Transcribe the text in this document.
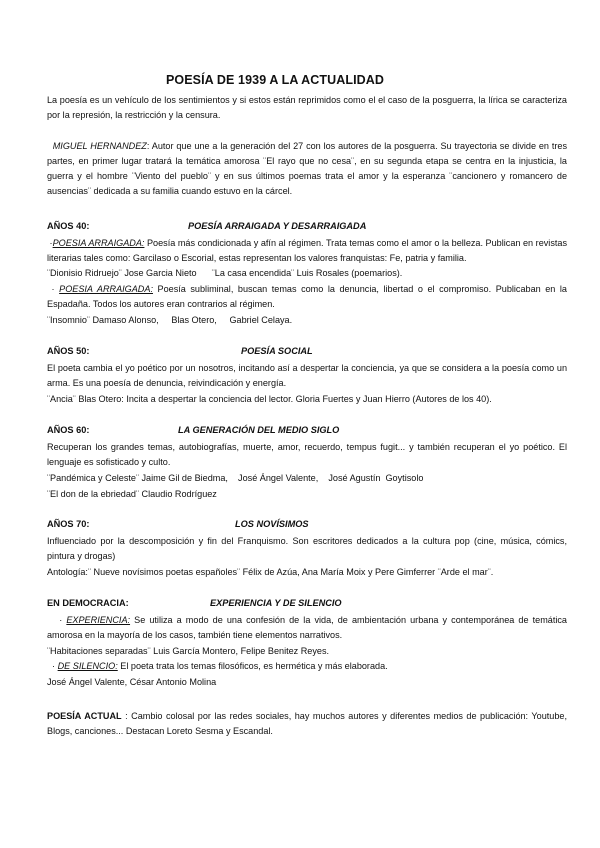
POESÍA DE 1939 A LA ACTUALIDAD
La poesía es un vehículo de los sentimientos y si estos están reprimidos como el el caso de la posguerra, la lírica se caracteriza por la represión, la restricción y la censura.
MIGUEL HERNANDEZ: Autor que une a la generación del 27 con los autores de la posguerra. Su trayectoria se divide en tres partes, en primer lugar tratará la temática amorosa ¨El rayo que no cesa¨, en su segunda etapa se centra en la injusticia, la guerra y el hombre ¨Viento del pueblo¨ y en sus últimos poemas trata el amor y la esperanza ¨cancionero y romancero de ausencias¨ dedicada a su familia cuando estuvo en la cárcel.
AÑOS 40:	POESÍA ARRAIGADA Y DESARRAIGADA
·POESIA ARRAIGADA: Poesía más condicionada y afín al régimen. Trata temas como el amor o la belleza. Publican en revistas literarias tales como: Garcilaso o Escorial, estas representan los valores franquistas: Fe, patria y familia.
¨Dionisio Ridruejo¨ Jose Garcia Nieto      ¨La casa encendida¨ Luis Rosales (poemarios).
· POESIA ARRAIGADA: Poesía subliminal, buscan temas como la denuncia, libertad o el compromiso. Publicaban en la Espadaña. Todos los autores eran contrarios al régimen.
¨Insomnio¨ Damaso Alonso,     Blas Otero,     Gabriel Celaya.
AÑOS 50:	POESÍA SOCIAL
El poeta cambia el yo poético por un nosotros, incitando así a despertar la conciencia, ya que se considera a la poesía como un arma. Es una poesía de denuncia, reivindicación y energía.
¨Ancia¨ Blas Otero: Incita a despertar la conciencia del lector. Gloria Fuertes y Juan Hierro (Autores de los 40).
AÑOS 60:	LA GENERACIÓN DEL MEDIO SIGLO
Recuperan los grandes temas, autobiografías, muerte, amor, recuerdo, tempus fugit... y también recuperan el yo poético. El lenguaje es sofisticado y culto.
¨Pandémica y Celeste¨ Jaime Gil de Biedma,    José Ángel Valente,    José Agustín  Goytisolo
¨El don de la ebriedad¨ Claudio Rodríguez
AÑOS 70:	LOS NOVÍSIMOS
Influenciado por la descomposición y fin del Franquismo. Son escritores dedicados a la cultura pop (cine, música, cómics, pintura y drogas)
Antología:¨ Nueve novísimos poetas españoles¨ Félix de Azúa, Ana María Moix y Pere Gimferrer ¨Arde el mar¨.
EN DEMOCRACIA:	EXPERIENCIA Y DE SILENCIO
· EXPERIENCIA: Se utiliza a modo de una confesión de la vida, de ambientación urbana y contemporánea de temática amorosa en la mayoría de los casos, también tiene elementos narrativos.
¨Habitaciones separadas¨ Luis García Montero, Felipe Benitez Reyes.
· DE SILENCIO: El poeta trata los temas filosóficos, es hermética y más elaborada.
José Ángel Valente, César Antonio Molina
POESÍA ACTUAL : Cambio colosal por las redes sociales, hay muchos autores y diferentes medios de publicación: Youtube, Blogs, canciones... Destacan Loreto Sesma y Escandal.
